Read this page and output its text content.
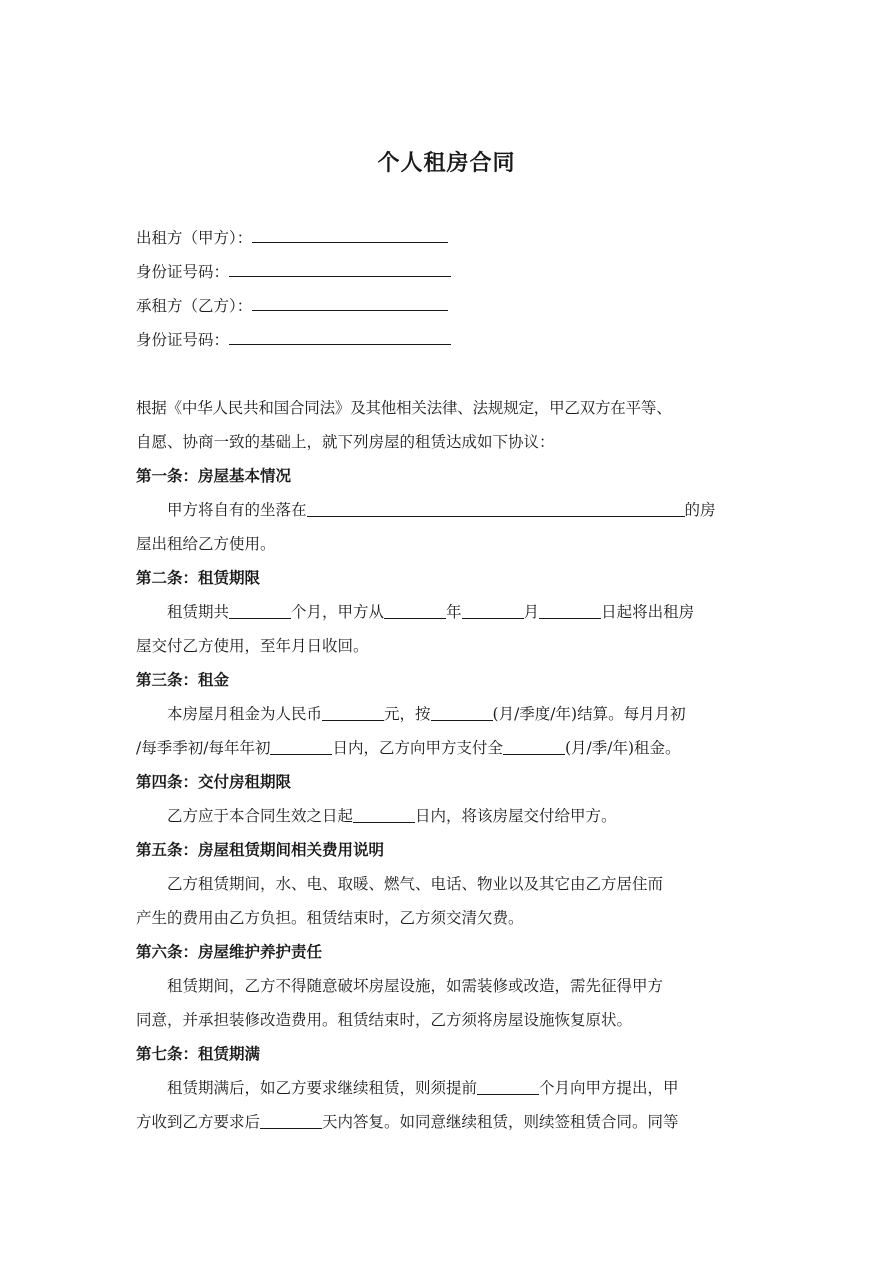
个人租房合同
出租方（甲方）：
身份证号码：
承租方（乙方）：
身份证号码：

根据《中华人民共和国合同法》及其他相关法律、法规规定，甲乙双方在平等、

自愿、协商一致的基础上，就下列房屋的租赁达成如下协议：

第一条：房屋基本情况

甲方将自有的坐落在	的房

屋出租给乙方使用。

第二条：租赁期限

租赁期共	个月，甲方从	年	月	日起将出租房

屋交付乙方使用，至年月日收回。

第三条：租金

本房屋月租金为人民币	元，按	(月/季度/年)结算。每月月初

/每季季初/每年年初	日内，乙方向甲方支付全	(月/季/年)租金。

第四条：交付房租期限

乙方应于本合同生效之日起	日内，将该房屋交付给甲方。

第五条：房屋租赁期间相关费用说明

乙方租赁期间，水、电、取暖、燃气、电话、物业以及其它由乙方居住而

产生的费用由乙方负担。租赁结束时，乙方须交清欠费。

第六条：房屋维护养护责任

租赁期间，乙方不得随意破坏房屋设施，如需装修或改造，需先征得甲方

同意，并承担装修改造费用。租赁结束时，乙方须将房屋设施恢复原状。

第七条：租赁期满

租赁期满后，如乙方要求继续租赁，则须提前	个月向甲方提出，甲

方收到乙方要求后	天内答复。如同意继续租赁，则续签租赁合同。同等
